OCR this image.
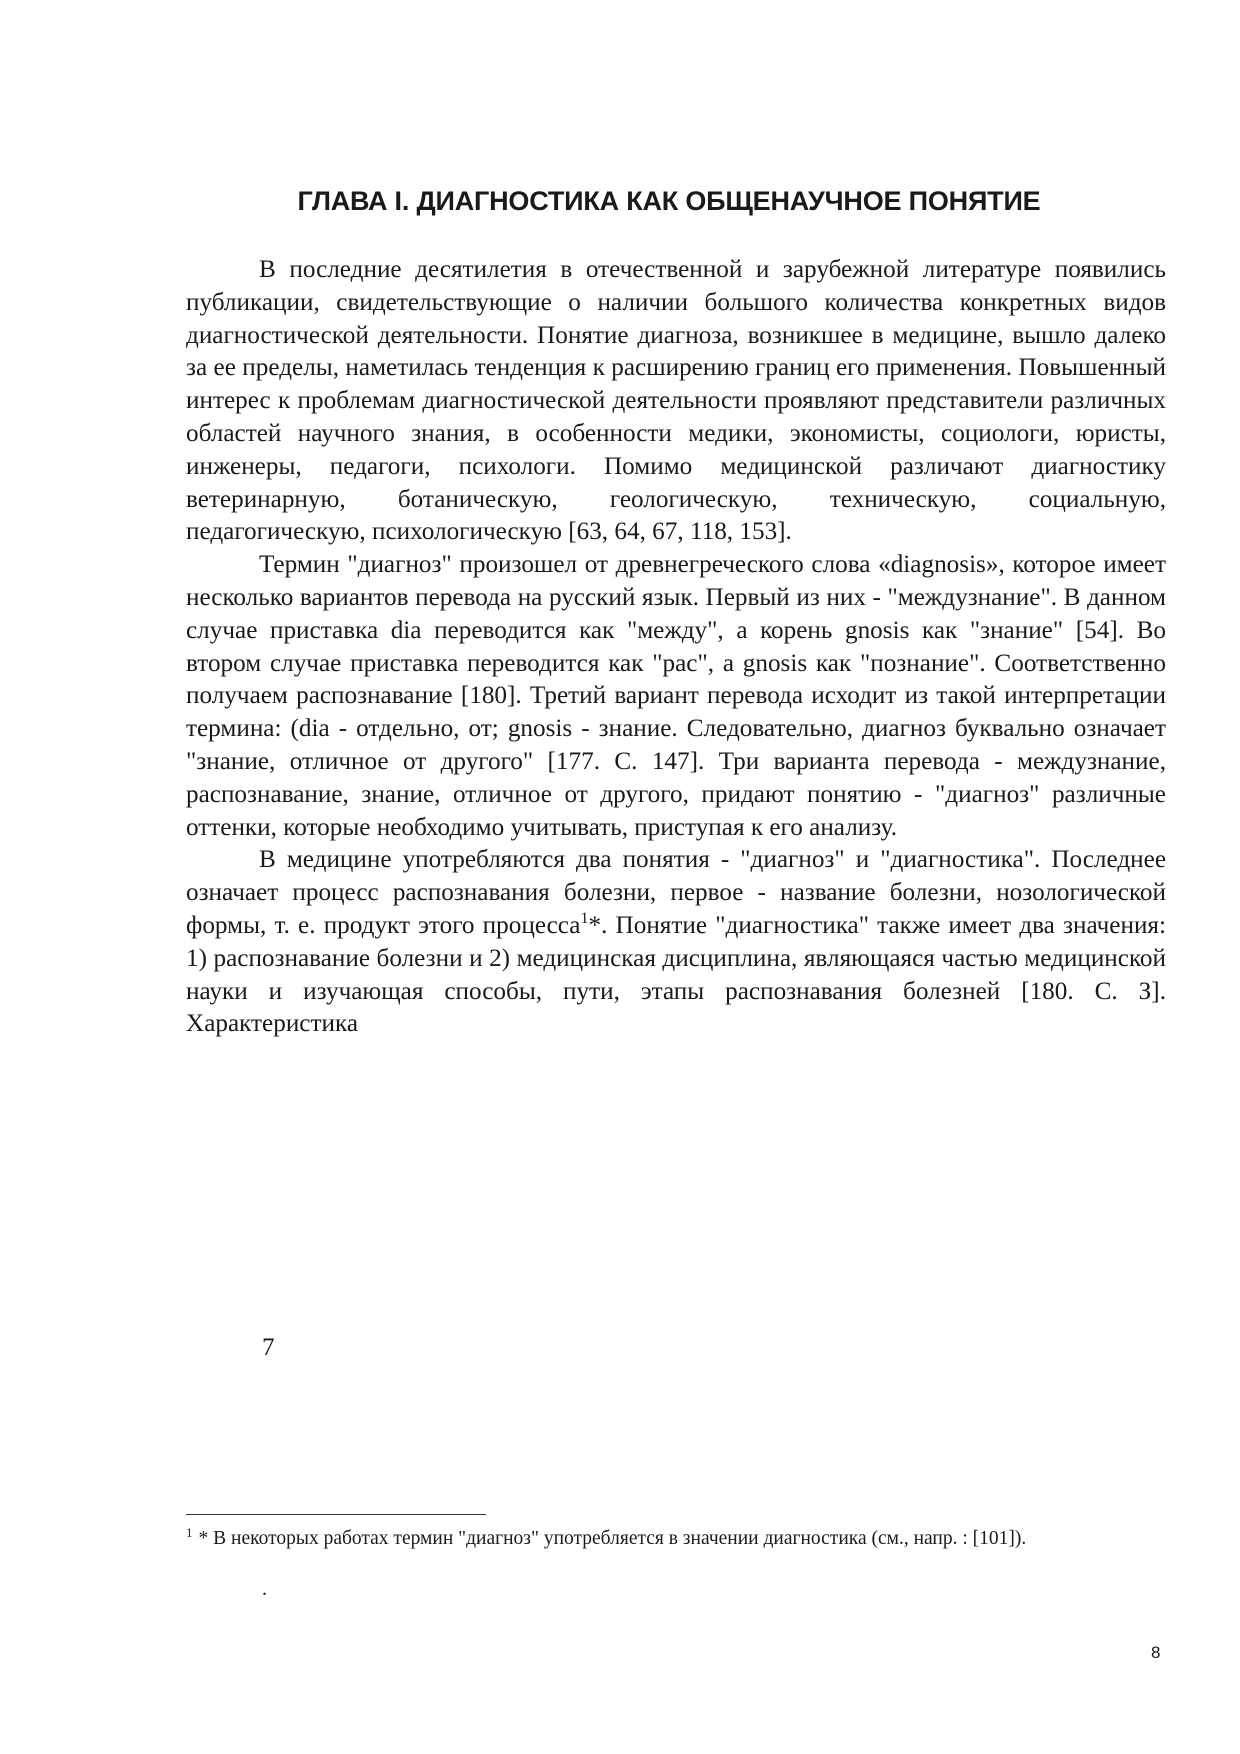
ГЛАВА I. ДИАГНОСТИКА КАК ОБЩЕНАУЧНОЕ ПОНЯТИЕ

В последние десятилетия в отечественной и зарубежной литературе появились публикации, свидетельствующие о наличии большого количества конкретных видов диагностической деятельности. Понятие диагноза, возникшее в медицине, вышло далеко за ее пределы, наметилась тенденция к расширению границ его применения. Повышенный интерес к проблемам диагностической деятельности проявляют представители различных областей научного знания, в особенности медики, экономисты, социологи, юристы, инженеры, педагоги, психологи. Помимо медицинской различают диагностику ветеринарную, ботаническую, геологическую, техническую, социальную, педагогическую, психологическую [63, 64, 67, 118, 153].

Термин "диагноз" произошел от древнегреческого слова «diagnosis», которое имеет несколько вариантов перевода на русский язык. Первый из них - "междузнание". В данном случае приставка dia переводится как "между", а корень gnosis как "знание" [54]. Во втором случае приставка переводится как "рас", а gnosis как "познание". Соответственно получаем распознавание [180]. Третий вариант перевода исходит из такой интерпретации термина: (dia - отдельно, от; gnosis - знание. Следовательно, диагноз буквально означает "знание, отличное от другого" [177. С. 147]. Три варианта перевода - междузнание, распознавание, знание, отличное от другого, придают понятию - "диагноз" различные оттенки, которые необходимо учитывать, приступая к его анализу.

В медицине употребляются два понятия - "диагноз" и "диагностика". Последнее означает процесс распознавания болезни, первое - название болезни, нозологической формы, т. е. продукт этого процесса$^1$*. Понятие "диагностика" также имеет два значения: 1) распознавание болезни и 2) медицинская дисциплина, являющаяся частью медицинской науки и изучающая способы, пути, этапы распознавания болезней [180. С. З]. Характеристика

7

$^1$ * В некоторых работах термин "диагноз" употребляется в значении диагностика (см., напр. : [101]).

.
8
